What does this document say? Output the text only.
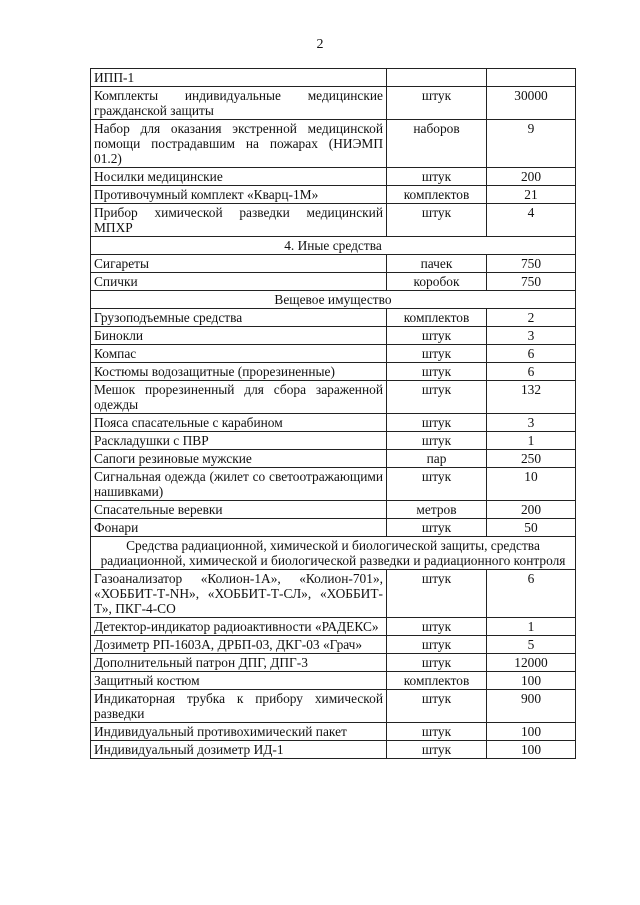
2
ИПП-1		
Комплекты индивидуальные медицинские гражданской защиты	штук	30000
Набор для оказания экстренной медицинской помощи пострадавшим на пожарах (НИЭМП 01.2)	наборов	9
Носилки медицинские	штук	200
Противочумный комплект «Кварц-1М»	комплектов	21
Прибор химической разведки медицинский МПХР	штук	4
4. Иные средства		
Сигареты	пачек	750
Спички	коробок	750
Вещевое имущество		
Грузоподъемные средства	комплектов	2
Бинокли	штук	3
Компас	штук	6
Костюмы водозащитные (прорезиненные)	штук	6
Мешок прорезиненный для сбора зараженной одежды	штук	132
Пояса спасательные с карабином	штук	3
Раскладушки с ПВР	штук	1
Сапоги резиновые мужские	пар	250
Сигнальная одежда (жилет со светоотражающими нашивками)	штук	10
Спасательные веревки	метров	200
Фонари	штук	50
Средства радиационной, химической и биологической защиты, средства радиационной, химической и биологической разведки и радиационного контроля		
Газоанализатор «Колион-1А», «Колион-701», «ХОББИТ-Т-NH», «ХОББИТ-Т-СЛ», «ХОББИТ-Т», ПКГ-4-СО	штук	6
Детектор-индикатор радиоактивности «РАДЕКС»	штук	1
Дозиметр РП-1603А, ДРБП-03, ДКГ-03 «Грач»	штук	5
Дополнительный патрон ДПГ, ДПГ-3	штук	12000
Защитный костюм	комплектов	100
Индикаторная трубка к прибору химической разведки	штук	900
Индивидуальный противохимический пакет	штук	100
Индивидуальный дозиметр ИД-1	штук	100
